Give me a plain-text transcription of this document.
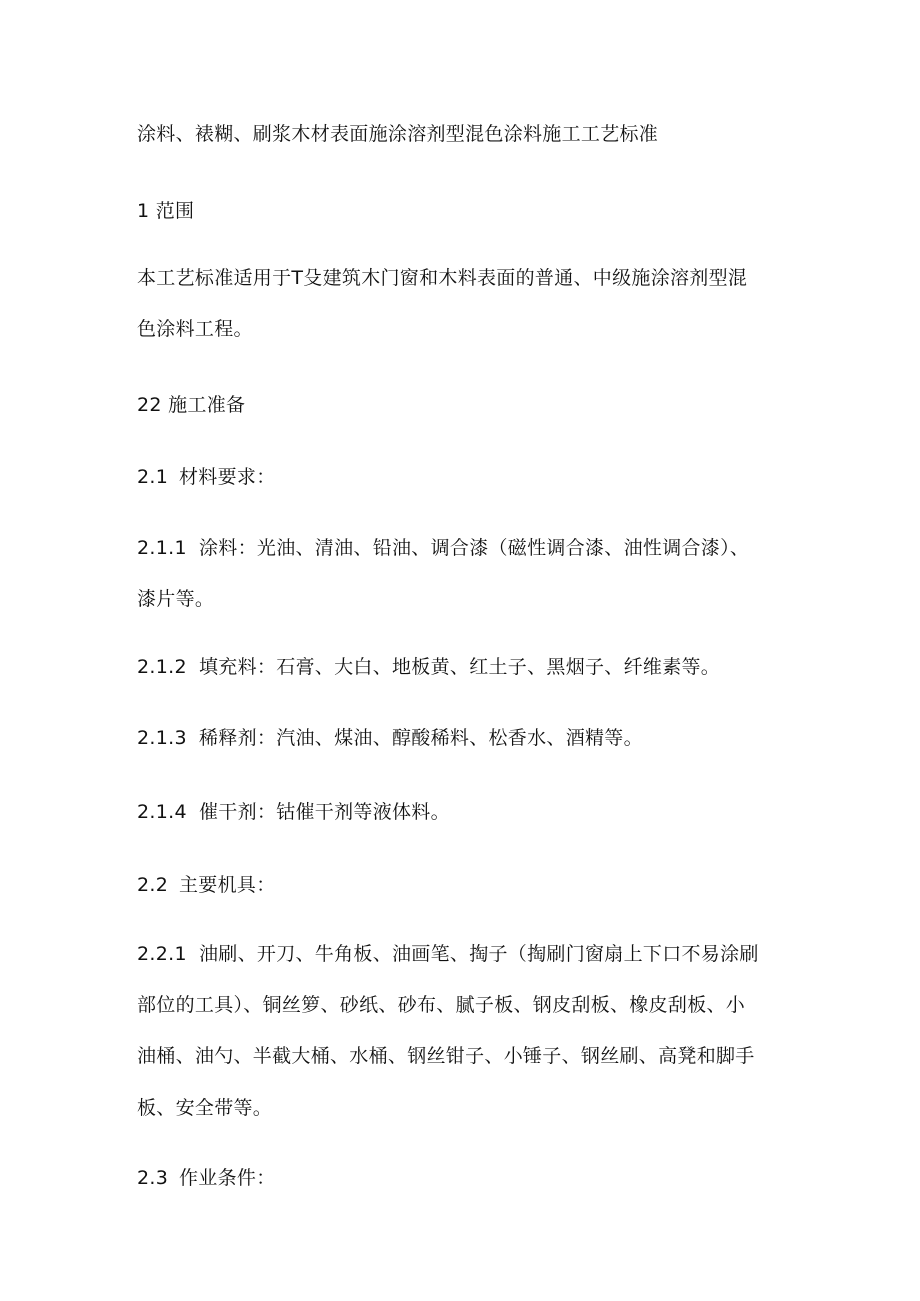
涂料、裱糊、刷浆木材表面施涂溶剂型混色涂料施工工艺标准
1 范围
本工艺标准适用于T殳建筑木门窗和木料表面的普通、中级施涂溶剂型混
色涂料工程。
22 施工准备
2.1 材料要求：
2.1.1 涂料：光油、清油、铅油、调合漆（磁性调合漆、油性调合漆）、
漆片等。
2.1.2 填充料：石膏、大白、地板黄、红土子、黑烟子、纤维素等。
2.1.3 稀释剂：汽油、煤油、醇酸稀料、松香水、酒精等。
2.1.4 催干剂：钴催干剂等液体料。
2.2 主要机具：
2.2.1 油刷、开刀、牛角板、油画笔、掏子（掏刷门窗扇上下口不易涂刷
部位的工具）、铜丝箩、砂纸、砂布、腻子板、钢皮刮板、橡皮刮板、小
油桶、油勺、半截大桶、水桶、钢丝钳子、小锤子、钢丝刷、高凳和脚手
板、安全带等。
2.3 作业条件：
